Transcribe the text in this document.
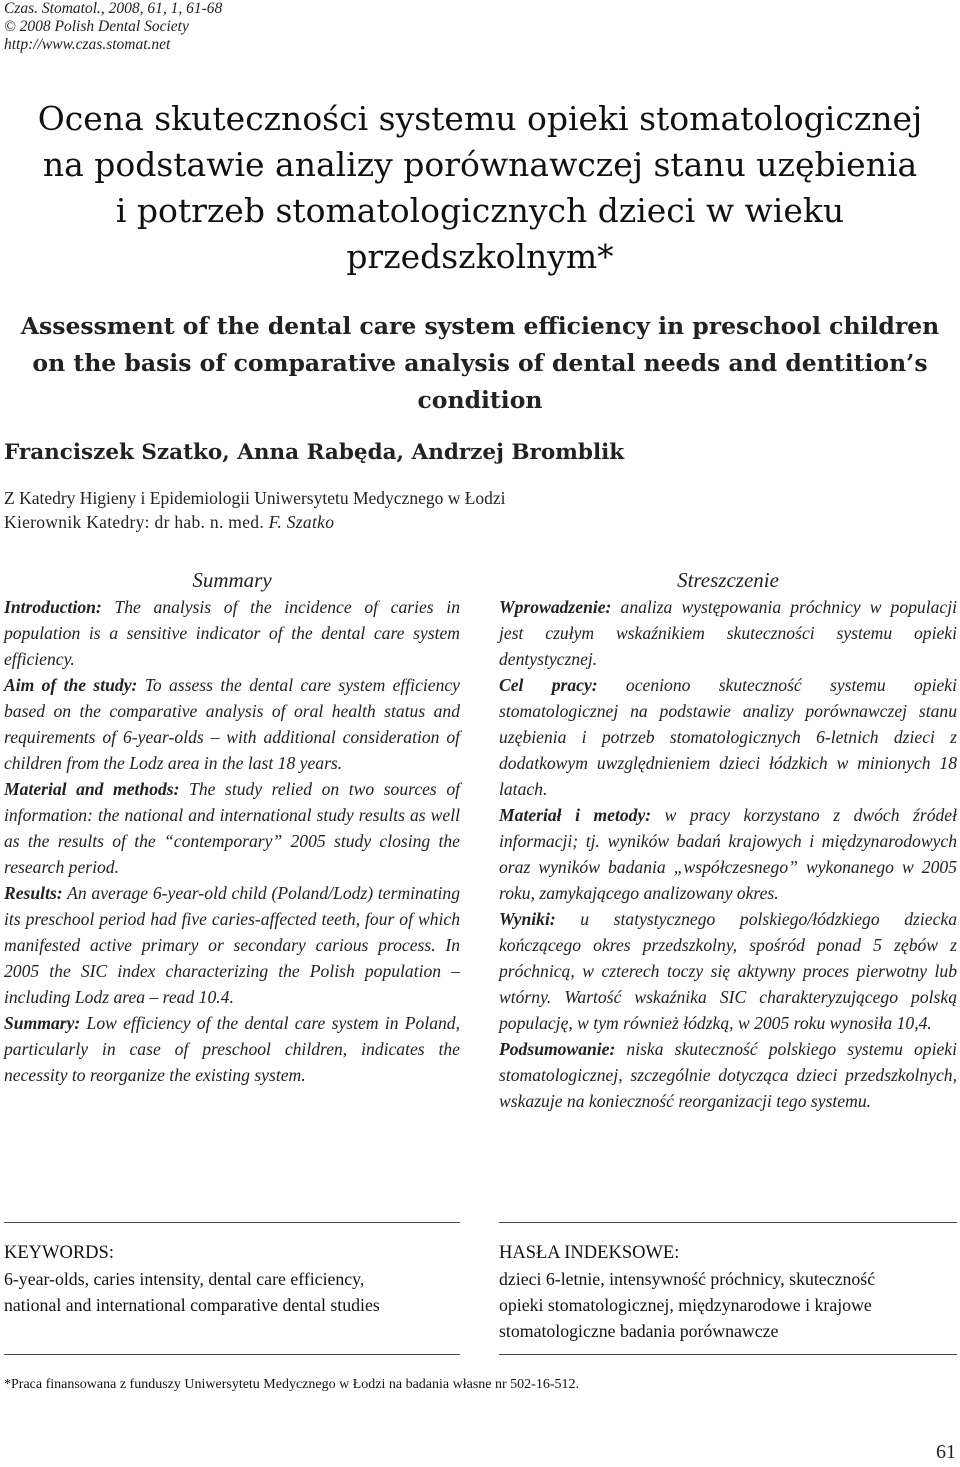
Czas. Stomatol., 2008, 61, 1, 61-68
© 2008 Polish Dental Society
http://www.czas.stomat.net
Ocena skuteczności systemu opieki stomatologicznej
na podstawie analizy porównawczej stanu uzębienia
i potrzeb stomatologicznych dzieci w wieku
przedszkolnym*
Assessment of the dental care system efficiency in preschool children
on the basis of comparative analysis of dental needs and dentition’s
condition
Franciszek Szatko, Anna Rabęda, Andrzej Bromblik
Z Katedry Higieny i Epidemiologii Uniwersytetu Medycznego w Łodzi
Kierownik Katedry: dr hab. n. med. F. Szatko
Summary

Introduction: The analysis of the incidence of caries in population is a sensitive indicator of the dental care system efficiency.

Aim of the study: To assess the dental care system efficiency based on the comparative analysis of oral health status and requirements of 6-year-olds – with additional consideration of children from the Lodz area in the last 18 years.

Material and methods: The study relied on two sources of information: the national and international study results as well as the results of the “contemporary” 2005 study closing the research period.

Results: An average 6-year-old child (Poland/Lodz) terminating its preschool period had five caries-affected teeth, four of which manifested active primary or secondary carious process. In 2005 the SIC index characterizing the Polish population – including Lodz area – read 10.4.

Summary: Low efficiency of the dental care system in Poland, particularly in case of preschool children, indicates the necessity to reorganize the existing system.

Streszczenie

Wprowadzenie: analiza występowania próchnicy w populacji jest czułym wskaźnikiem skuteczności systemu opieki dentystycznej.

Cel pracy: oceniono skuteczność systemu opieki stomatologicznej na podstawie analizy porównawczej stanu uzębienia i potrzeb stomatologicznych 6-letnich dzieci z dodatkowym uwzględnieniem dzieci łódzkich w minionych 18 latach.

Materiał i metody: w pracy korzystano z dwóch źródeł informacji; tj. wyników badań krajowych i międzynarodowych oraz wyników badania „współczesnego” wykonanego w 2005 roku, zamykającego analizowany okres.

Wyniki: u statystycznego polskiego/łódzkiego dziecka kończącego okres przedszkolny, spośród ponad 5 zębów z próchnicą, w czterech toczy się aktywny proces pierwotny lub wtórny. Wartość wskaźnika SIC charakteryzującego polską populację, w tym również łódzką, w 2005 roku wynosiła 10,4.

Podsumowanie: niska skuteczność polskiego systemu opieki stomatologicznej, szczególnie dotycząca dzieci przedszkolnych, wskazuje na konieczność reorganizacji tego systemu.

KEYWORDS:
6-year-olds, caries intensity, dental care efficiency,
national and international comparative dental studies
HASŁA INDEKSOWE:
dzieci 6-letnie, intensywność próchnicy, skuteczność
opieki stomatologicznej, międzynarodowe i krajowe
stomatologiczne badania porównawcze
*Praca finansowana z funduszy Uniwersytetu Medycznego w Łodzi na badania własne nr 502-16-512.
61
